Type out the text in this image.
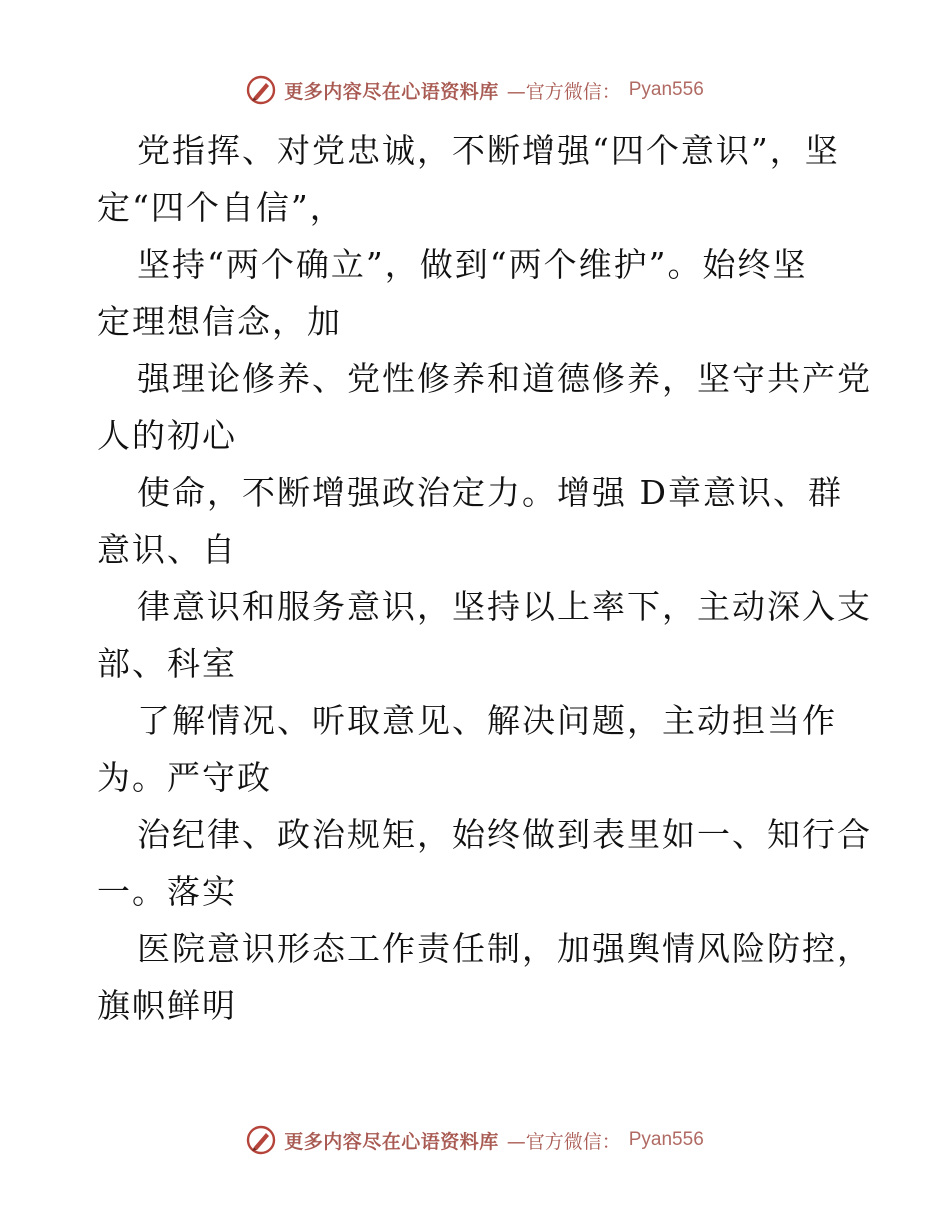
更多内容尽在心语资料库 —官方微信： Pyan556

党指挥、对党忠诚，不断增强“四个意识”，坚
定“四个自信”，

坚持“两个确立”，做到“两个维护”。始终坚
定理想信念，加

强理论修养、党性修养和道德修养，坚守共产党
人的初心

使命，不断增强政治定力。增强 D章意识、群
意识、自

律意识和服务意识，坚持以上率下，主动深入支
部、科室

了解情况、听取意见、解决问题，主动担当作
为。严守政

治纪律、政治规矩，始终做到表里如一、知行合
一。落实

医院意识形态工作责任制，加强舆情风险防控，
旗帜鲜明

更多内容尽在心语资料库 —官方微信： Pyan556
